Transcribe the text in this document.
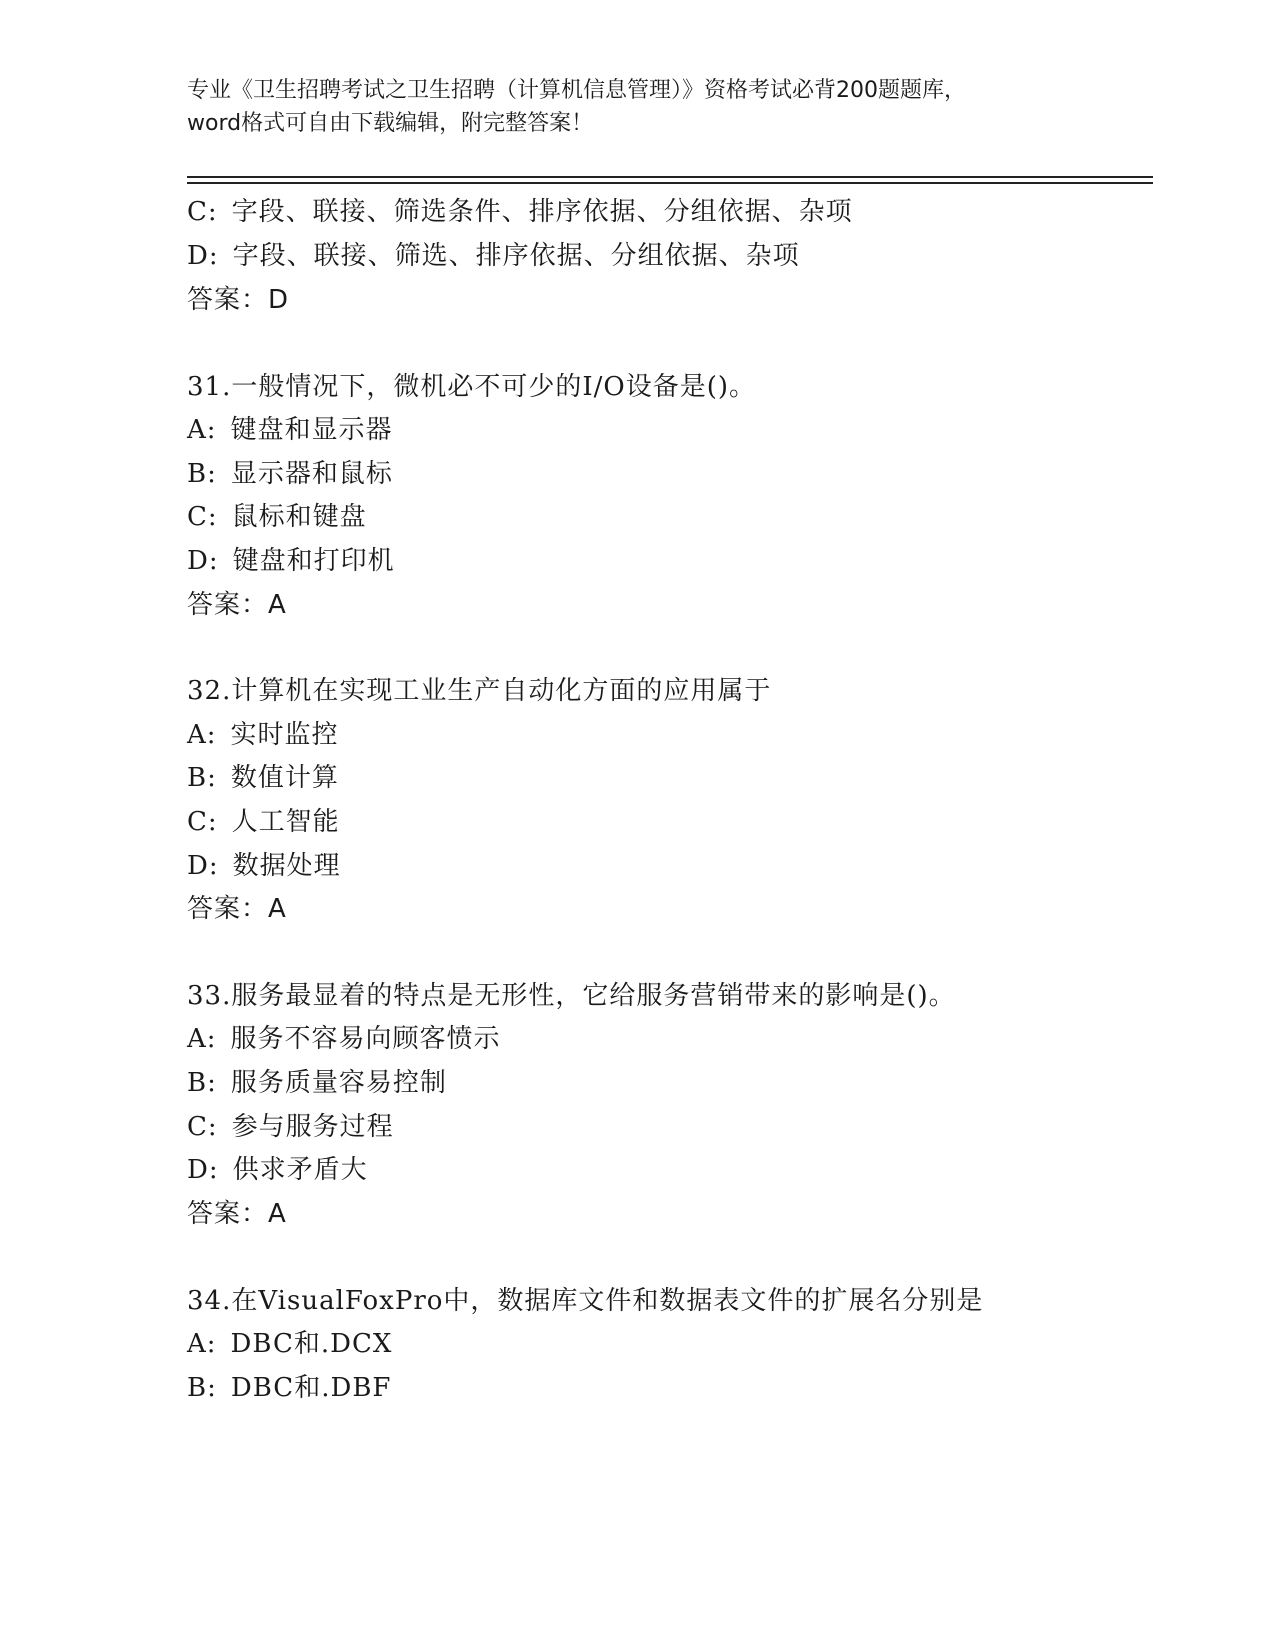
专业《卫生招聘考试之卫生招聘（计算机信息管理）》资格考试必背200题题库，
word格式可自由下载编辑，附完整答案！
C: 字段、联接、筛选条件、排序依据、分组依据、杂项
D: 字段、联接、筛选、排序依据、分组依据、杂项
答案：D
31.一般情况下，微机必不可少的I/O设备是()。
A: 键盘和显示器
B: 显示器和鼠标
C: 鼠标和键盘
D: 键盘和打印机
答案：A
32.计算机在实现工业生产自动化方面的应用属于
A: 实时监控
B: 数值计算
C: 人工智能
D: 数据处理
答案：A
33.服务最显着的特点是无形性，它给服务营销带来的影响是()。
A: 服务不容易向顾客愤示
B: 服务质量容易控制
C: 参与服务过程
D: 供求矛盾大
答案：A
34.在VisualFoxPro中，数据库文件和数据表文件的扩展名分别是
A: DBC和.DCX
B: DBC和.DBF
